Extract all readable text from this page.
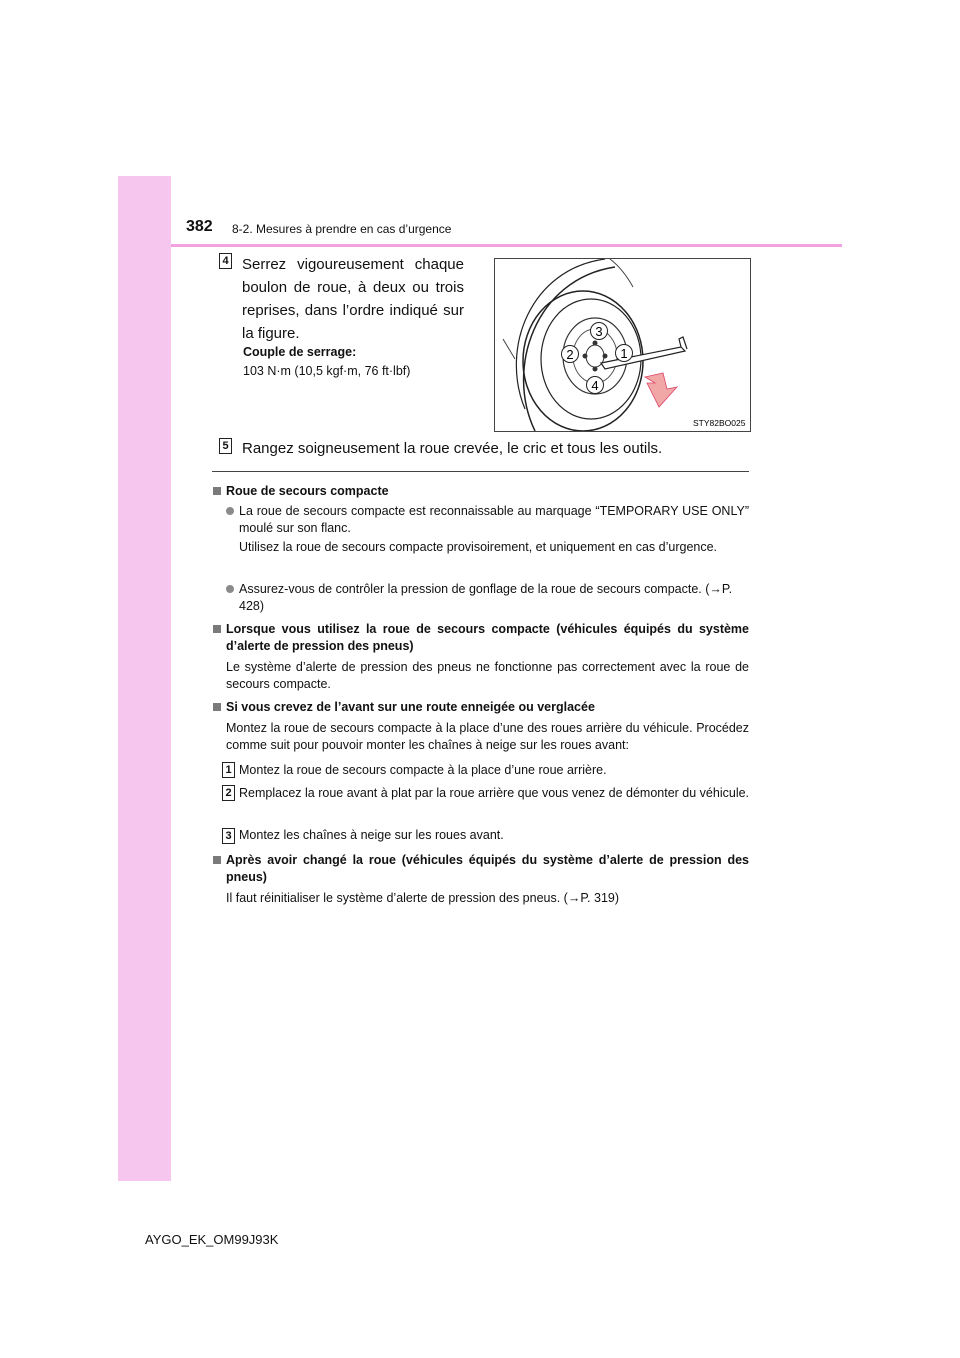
382 8-2. Mesures à prendre en cas d’urgence
4 Serrez vigoureusement chaque boulon de roue, à deux ou trois reprises, dans l’ordre indiqué sur la figure.
Couple de serrage:
103 N·m (10,5 kgf·m, 76 ft·lbf)
3
2	1
4
STY82BO025
5 Rangez soigneusement la roue crevée, le cric et tous les outils.
Roue de secours compacte
La roue de secours compacte est reconnaissable au marquage “TEMPORARY USE ONLY” moulé sur son flanc.
Utilisez la roue de secours compacte provisoirement, et uniquement en cas d’urgence.
Assurez-vous de contrôler la pression de gonflage de la roue de secours compacte. (→P. 428)
Lorsque vous utilisez la roue de secours compacte (véhicules équipés du système d’alerte de pression des pneus)
Le système d’alerte de pression des pneus ne fonctionne pas correctement avec la roue de secours compacte.
Si vous crevez de l’avant sur une route enneigée ou verglacée
Montez la roue de secours compacte à la place d’une des roues arrière du véhicule. Procédez comme suit pour pouvoir monter les chaînes à neige sur les roues avant:
1 Montez la roue de secours compacte à la place d’une roue arrière.
2 Remplacez la roue avant à plat par la roue arrière que vous venez de démonter du véhicule.
3 Montez les chaînes à neige sur les roues avant.
Après avoir changé la roue (véhicules équipés du système d’alerte de pression des pneus)
Il faut réinitialiser le système d’alerte de pression des pneus. (→P. 319)
AYGO_EK_OM99J93K
